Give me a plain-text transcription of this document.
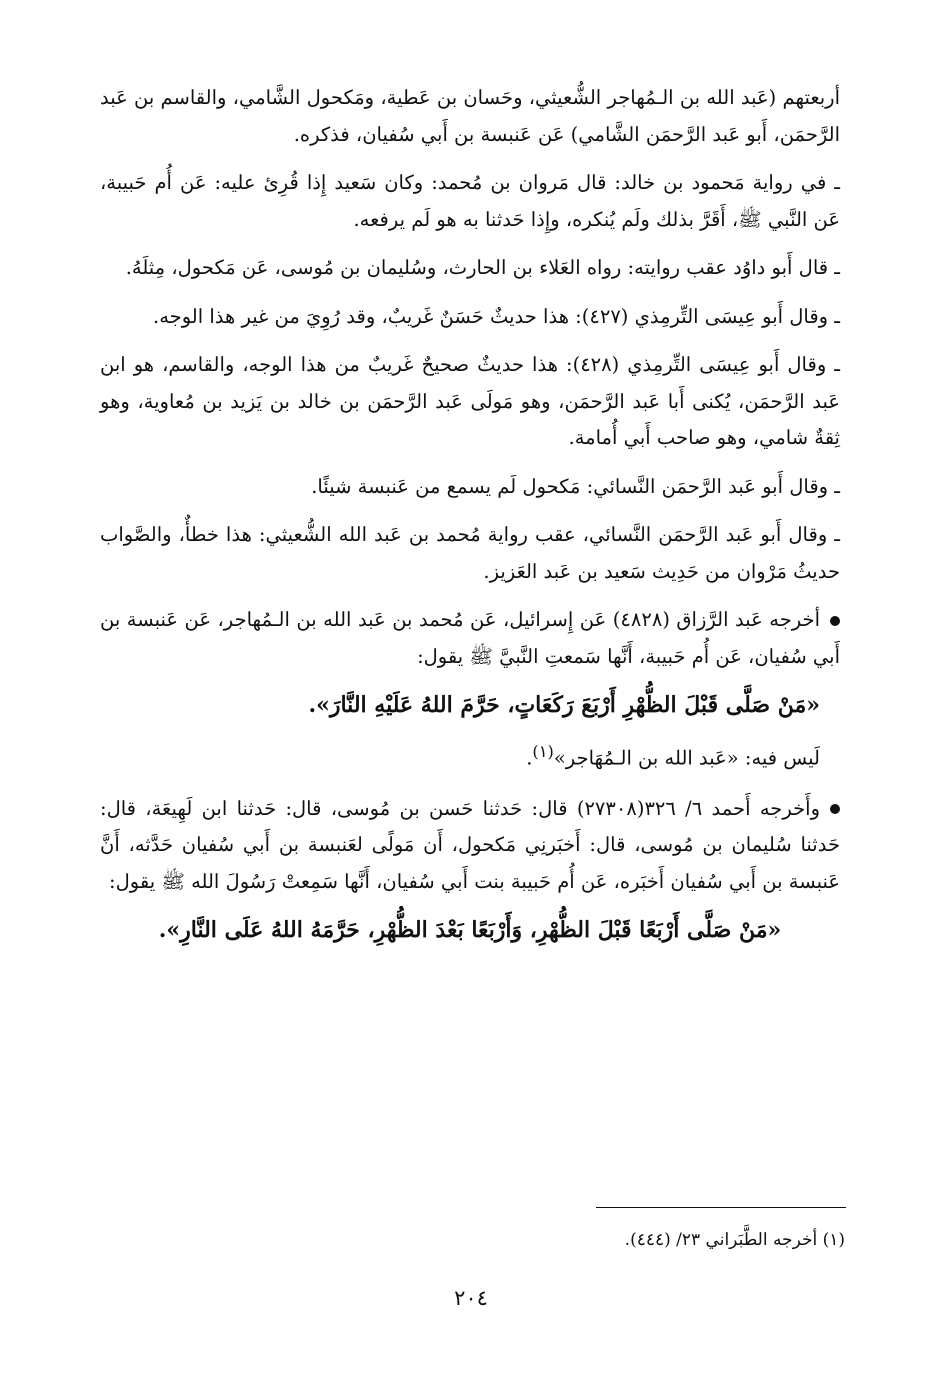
أربعتهم (عَبد الله بن الـمُهاجر الشُّعيثي، وحَسان بن عَطية، ومَكحول الشَّامي، والقاسم بن عَبد الرَّحمَن، أَبو عَبد الرَّحمَن الشَّامي) عَن عَنبسة بن أَبي سُفيان، فذكره.

ـ في رواية مَحمود بن خالد: قال مَروان بن مُحمد: وكان سَعيد إِذا قُرِئ عليه: عَن أُم حَبيبة، عَن النَّبي ﷺ، أَقَرَّ بذلك ولَم يُنكره، وإِذا حَدثنا به هو لَم يرفعه.

ـ قال أَبو داوُد عقب روايته: رواه العَلاء بن الحارث، وسُليمان بن مُوسى، عَن مَكحول، مِثلَهُ.

ـ وقال أَبو عِيسَى التِّرمِذي (٤٢٧): هذا حديثٌ حَسَنٌ غَريبٌ، وقد رُوِيَ من غير هذا الوجه.

ـ وقال أَبو عِيسَى التِّرمِذي (٤٢٨): هذا حديثٌ صحيحٌ غَريبٌ من هذا الوجه، والقاسم، هو ابن عَبد الرَّحمَن، يُكنى أَبا عَبد الرَّحمَن، وهو مَولَى عَبد الرَّحمَن بن خالد بن يَزيد بن مُعاوية، وهو ثِقةٌ شامي، وهو صاحب أَبي أُمامة.

ـ وقال أَبو عَبد الرَّحمَن النَّسائي: مَكحول لَم يسمع من عَنبسة شيئًا.

ـ وقال أَبو عَبد الرَّحمَن النَّسائي، عقب رواية مُحمد بن عَبد الله الشُّعيثي: هذا خطأٌ، والصَّواب حديثُ مَرْوان من حَدِيث سَعيد بن عَبد العَزيز.

أخرجه عَبد الرَّزاق (٤٨٢٨) عَن إِسرائيل، عَن مُحمد بن عَبد الله بن الـمُهاجر، عَن عَنبسة بن أَبي سُفيان، عَن أُم حَبيبة، أَنَّها سَمعتِ النَّبيَّ ﷺ يقول:

«مَنْ صَلَّى قَبْلَ الظُّهْرِ أَرْبَعَ رَكَعَاتٍ، حَرَّمَ اللهُ عَلَيْهِ النَّارَ».

لَيس فيه: «عَبد الله بن الـمُهَاجر»$^{(١)}$.

وأَخرجه أَحمد ٦/ ٣٢٦(٢٧٣٠٨) قال: حَدثنا حَسن بن مُوسى، قال: حَدثنا ابن لَهِيعَة، قال: حَدثنا سُليمان بن مُوسى، قال: أَخبَرنِي مَكحول، أَن مَولًى لعَنبسة بن أَبي سُفيان حَدَّثه، أَنَّ عَنبسة بن أَبي سُفيان أَخبَره، عَن أُم حَبيبة بنت أَبي سُفيان، أَنَّها سَمِعتْ رَسُولَ الله ﷺ يقول:

«مَنْ صَلَّى أَرْبَعًا قَبْلَ الظُّهْرِ، وَأَرْبَعًا بَعْدَ الظُّهْرِ، حَرَّمَهُ اللهُ عَلَى النَّارِ».

(١) أخرجه الطَّبَراني ٢٣/ (٤٤٤).
٢٠٤
